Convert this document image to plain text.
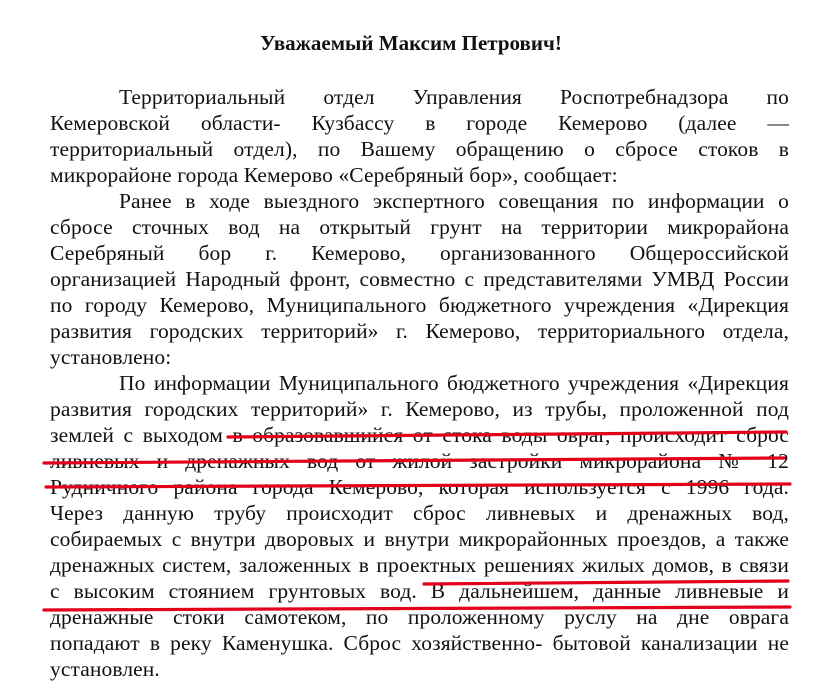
Уважаемый Максим Петрович!
Территориальный отдел Управления Роспотребнадзора по
Кемеровской области- Кузбассу в городе Кемерово (далее —
территориальный отдел), по Вашему обращению о сбросе стоков в
микрорайоне города Кемерово «Серебряный бор», сообщает:
Ранее в ходе выездного экспертного совещания по информации о
сбросе сточных вод на открытый грунт на территории микрорайона
Серебряный бор г. Кемерово, организованного Общероссийской
организацией Народный фронт, совместно с представителями УМВД России
по городу Кемерово, Муниципального бюджетного учреждения «Дирекция
развития городских территорий» г. Кемерово, территориального отдела,
установлено:
По информации Муниципального бюджетного учреждения «Дирекция
развития городских территорий» г. Кемерово, из трубы, проложенной под
землей с выходом в образовавшийся от стока воды овраг, происходит сброс
ливневых и дренажных вод от жилой застройки микрорайона № 12
Рудничного района города Кемерово, которая используется с 1996 года.
Через данную трубу происходит сброс ливневых и дренажных вод,
собираемых с внутри дворовых и внутри микрорайонных проездов, а также
дренажных систем, заложенных в проектных решениях жилых домов, в связи
с высоким стоянием грунтовых вод. В дальнейшем, данные ливневые и
дренажные стоки самотеком, по проложенному руслу на дне оврага
попадают в реку Каменушка. Сброс хозяйственно- бытовой канализации не
установлен.
